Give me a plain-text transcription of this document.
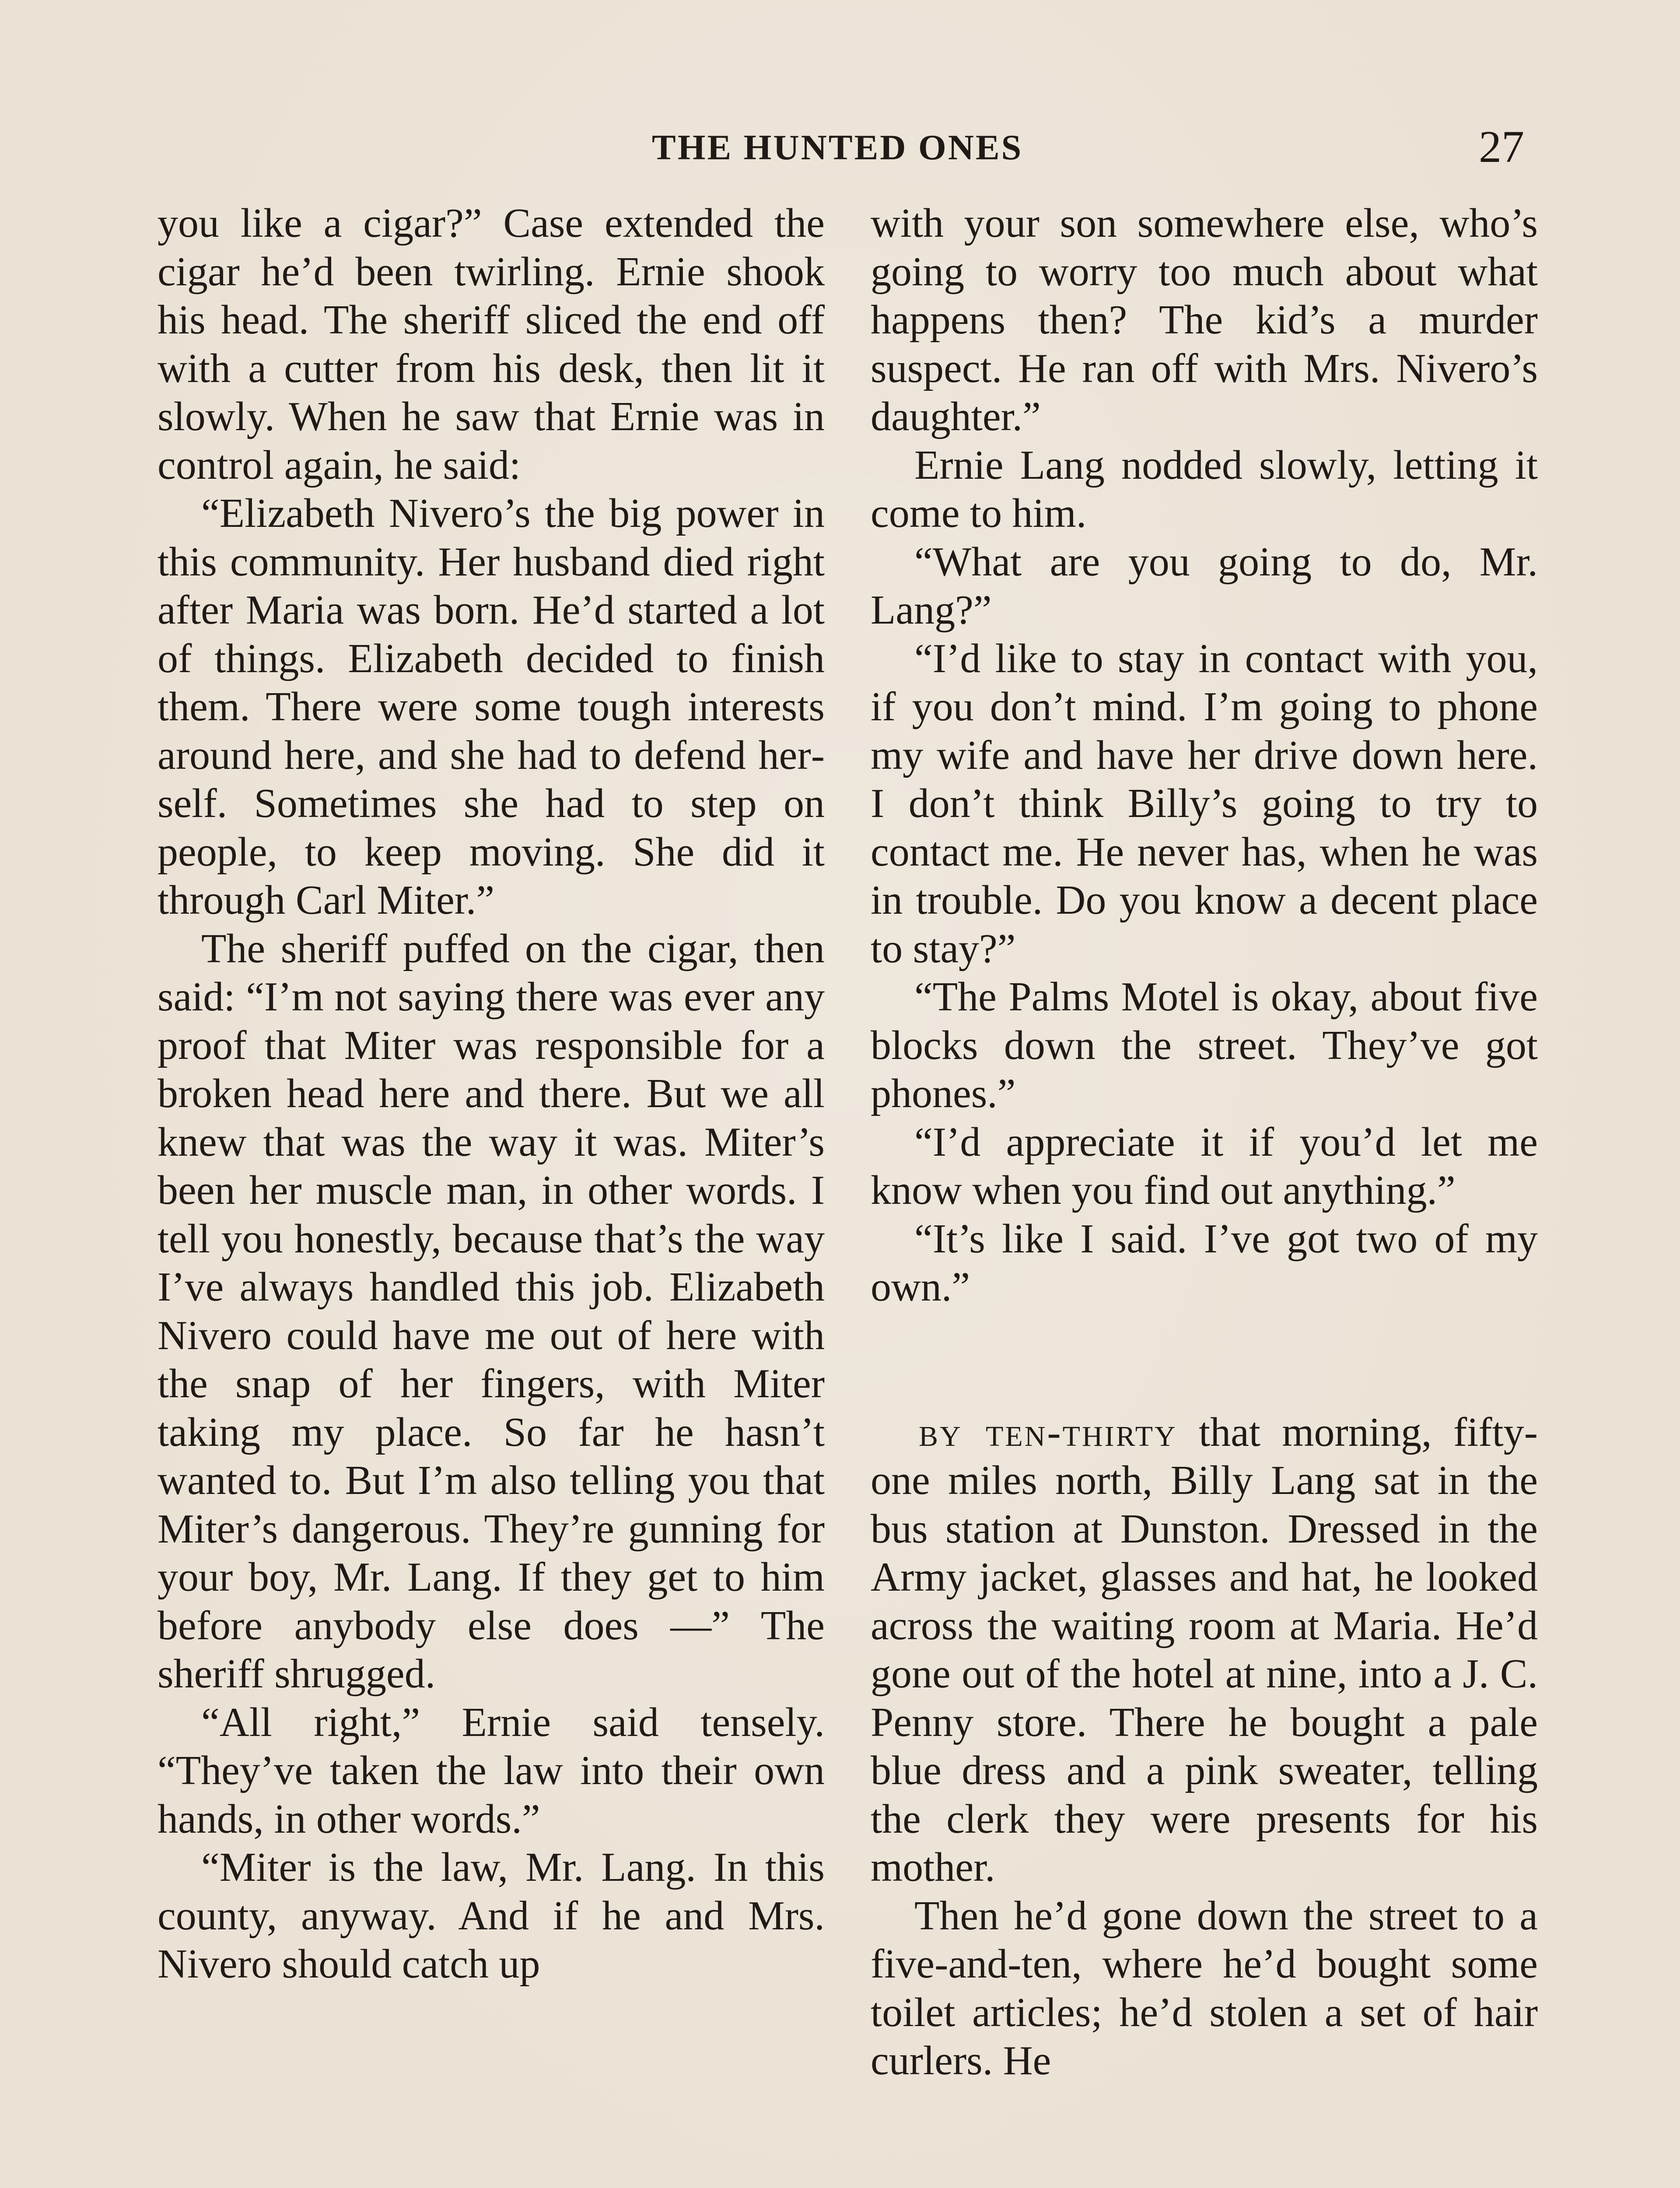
THE HUNTED ONES	27

you like a cigar?” Case extended the cigar he’d been twirling. Ernie shook his head. The sheriff sliced the end off with a cutter from his desk, then lit it slowly. When he saw that Ernie was in control again, he said:

“Elizabeth Nivero’s the big power in this community. Her husband died right after Maria was born. He’d started a lot of things. Elizabeth decided to finish them. There were some tough interests around here, and she had to defend herself. Sometimes she had to step on people, to keep moving. She did it through Carl Miter.”

The sheriff puffed on the cigar, then said: “I’m not saying there was ever any proof that Miter was responsible for a broken head here and there. But we all knew that was the way it was. Miter’s been her muscle man, in other words. I tell you honestly, because that’s the way I’ve always handled this job. Elizabeth Nivero could have me out of here with the snap of her fingers, with Miter taking my place. So far he hasn’t wanted to. But I’m also telling you that Miter’s dangerous. They’re gunning for your boy, Mr. Lang. If they get to him before anybody else does —” The sheriff shrugged.

“All right,” Ernie said tensely. “They’ve taken the law into their own hands, in other words.”

“Miter is the law, Mr. Lang. In this county, anyway. And if he and Mrs. Nivero should catch up

with your son somewhere else, who’s going to worry too much about what happens then? The kid’s a murder suspect. He ran off with Mrs. Nivero’s daughter.”

Ernie Lang nodded slowly, letting it come to him.

“What are you going to do, Mr. Lang?”

“I’d like to stay in contact with you, if you don’t mind. I’m going to phone my wife and have her drive down here. I don’t think Billy’s going to try to contact me. He never has, when he was in trouble. Do you know a decent place to stay?”

“The Palms Motel is okay, about five blocks down the street. They’ve got phones.”

“I’d appreciate it if you’d let me know when you find out anything.”

“It’s like I said. I’ve got two of my own.”

by ten-thirty that morning, fifty-one miles north, Billy Lang sat in the bus station at Dunston. Dressed in the Army jacket, glasses and hat, he looked across the waiting room at Maria. He’d gone out of the hotel at nine, into a J. C. Penny store. There he bought a pale blue dress and a pink sweater, telling the clerk they were presents for his mother.

Then he’d gone down the street to a five-and-ten, where he’d bought some toilet articles; he’d stolen a set of hair curlers. He
